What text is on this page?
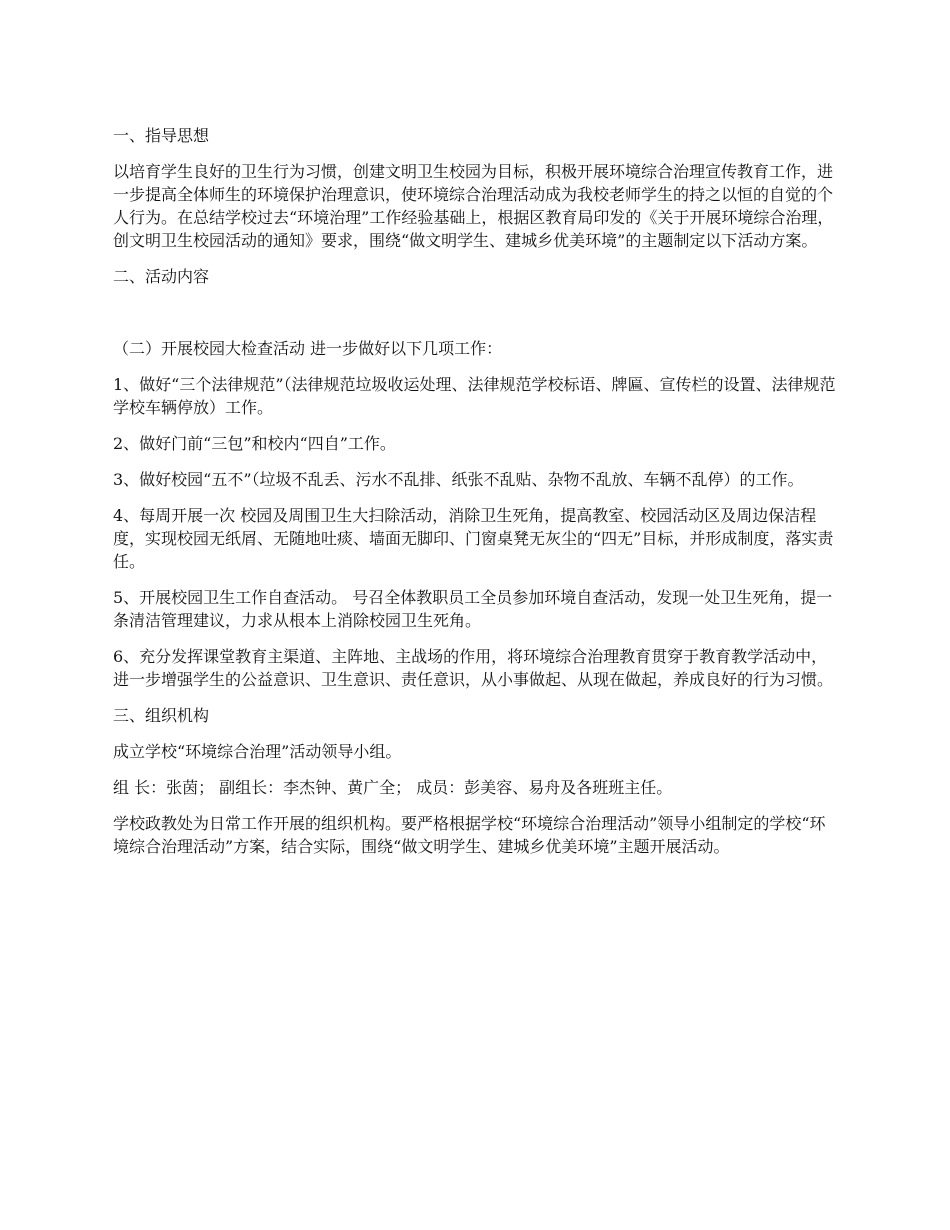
一、指导思想

以培育学生良好的卫生行为习惯，创建文明卫生校园为目标，积极开展环境综合治理宣传教育工作，进一步提高全体师生的环境保护治理意识，使环境综合治理活动成为我校老师学生的持之以恒的自觉的个人行为。在总结学校过去“环境治理”工作经验基础上，根据区教育局印发的《关于开展环境综合治理，创文明卫生校园活动的通知》要求，围绕“做文明学生、建城乡优美环境”的主题制定以下活动方案。

二、活动内容

（二）开展校园大检查活动 进一步做好以下几项工作：

1、做好“三个法律规范”（法律规范垃圾收运处理、法律规范学校标语、牌匾、宣传栏的设置、法律规范学校车辆停放）工作。

2、做好门前“三包”和校内“四自”工作。

3、做好校园“五不”（垃圾不乱丢、污水不乱排、纸张不乱贴、杂物不乱放、车辆不乱停）的工作。

4、每周开展一次 校园及周围卫生大扫除活动，消除卫生死角，提高教室、校园活动区及周边保洁程度，实现校园无纸屑、无随地吐痰、墙面无脚印、门窗桌凳无灰尘的“四无”目标，并形成制度，落实责任。

5、开展校园卫生工作自查活动。 号召全体教职员工全员参加环境自查活动，发现一处卫生死角，提一条清洁管理建议，力求从根本上消除校园卫生死角。

6、充分发挥课堂教育主渠道、主阵地、主战场的作用，将环境综合治理教育贯穿于教育教学活动中，进一步增强学生的公益意识、卫生意识、责任意识，从小事做起、从现在做起，养成良好的行为习惯。

三、组织机构

成立学校“环境综合治理”活动领导小组。

组 长：张茵； 副组长：李杰钟、黄广全； 成员：彭美容、易舟及各班班主任。

学校政教处为日常工作开展的组织机构。要严格根据学校“环境综合治理活动”领导小组制定的学校“环境综合治理活动”方案，结合实际，围绕“做文明学生、建城乡优美环境”主题开展活动。
